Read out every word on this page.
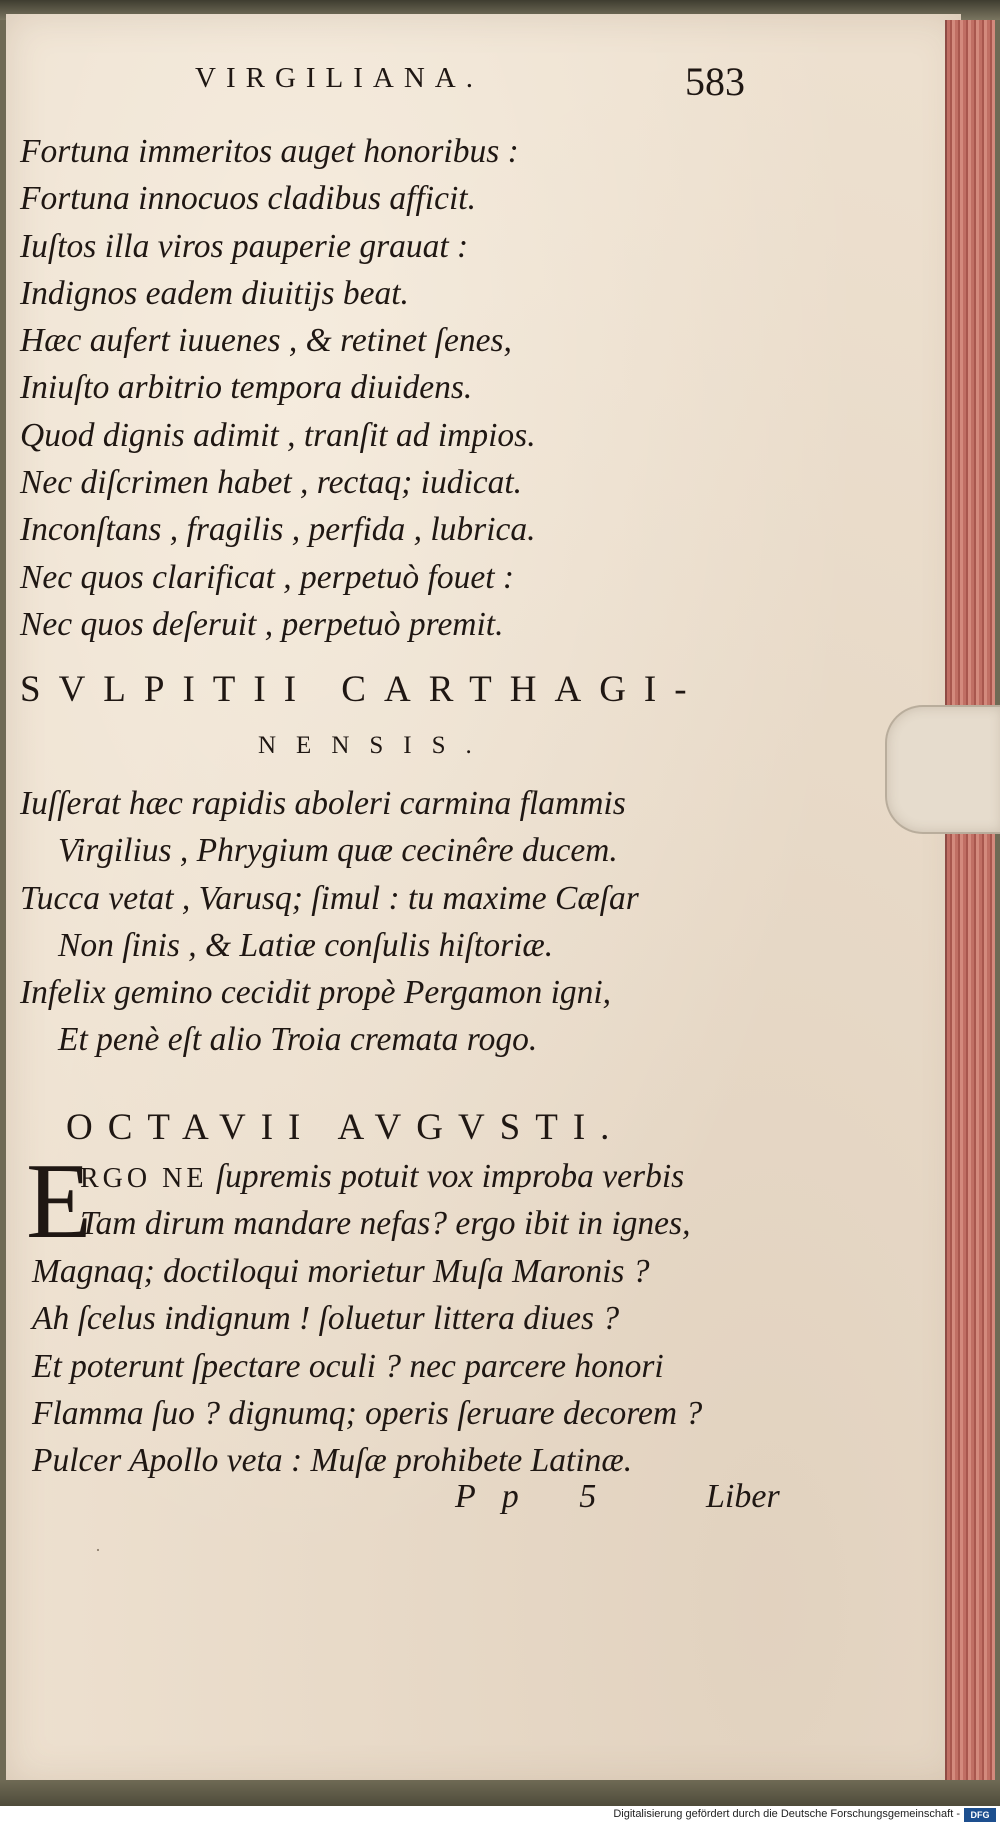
VIRGILIANA.	583
Fortuna immeritos auget honoribus :
Fortuna innocuos cladibus afficit.
Iuſtos illa viros pauperie grauat :
Indignos eadem diuitijs beat.
Hæc aufert iuuenes , & retinet ſenes,
Iniuſto arbitrio tempora diuidens.
Quod dignis adimit , tranſit ad impios.
Nec diſcrimen habet , rectaq; iudicat.
Inconſtans , fragilis , perfida , lubrica.
Nec quos clarificat , perpetuò fouet :
Nec quos deſeruit , perpetuò premit.
SVLPITII CARTHAGI-
NENSIS.
Iuſſerat hæc rapidis aboleri carmina flammis
Virgilius , Phrygium quæ cecinêre ducem.
Tucca vetat , Varusq; ſimul : tu maxime Cæſar
Non ſinis , & Latiæ conſulis hiſtoriæ.
Infelix gemino cecidit propè Pergamon igni,
Et penè eſt alio Troia cremata rogo.
OCTAVII AVGVSTI.
E
RGO NE ſupremis potuit vox improba verbis
Tam dirum mandare nefas? ergo ibit in ignes,
Magnaq; doctiloqui morietur Muſa Maronis ?
Ah ſcelus indignum ! ſoluetur littera diues ?
Et poterunt ſpectare oculi ? nec parcere honori
Flamma ſuo ? dignumq; operis ſeruare decorem ?
Pulcer Apollo veta : Muſæ prohibete Latinæ.
Pp 5 Liber
·
Digitalisierung gefördert durch die Deutsche Forschungsgemeinschaft -	DFG
